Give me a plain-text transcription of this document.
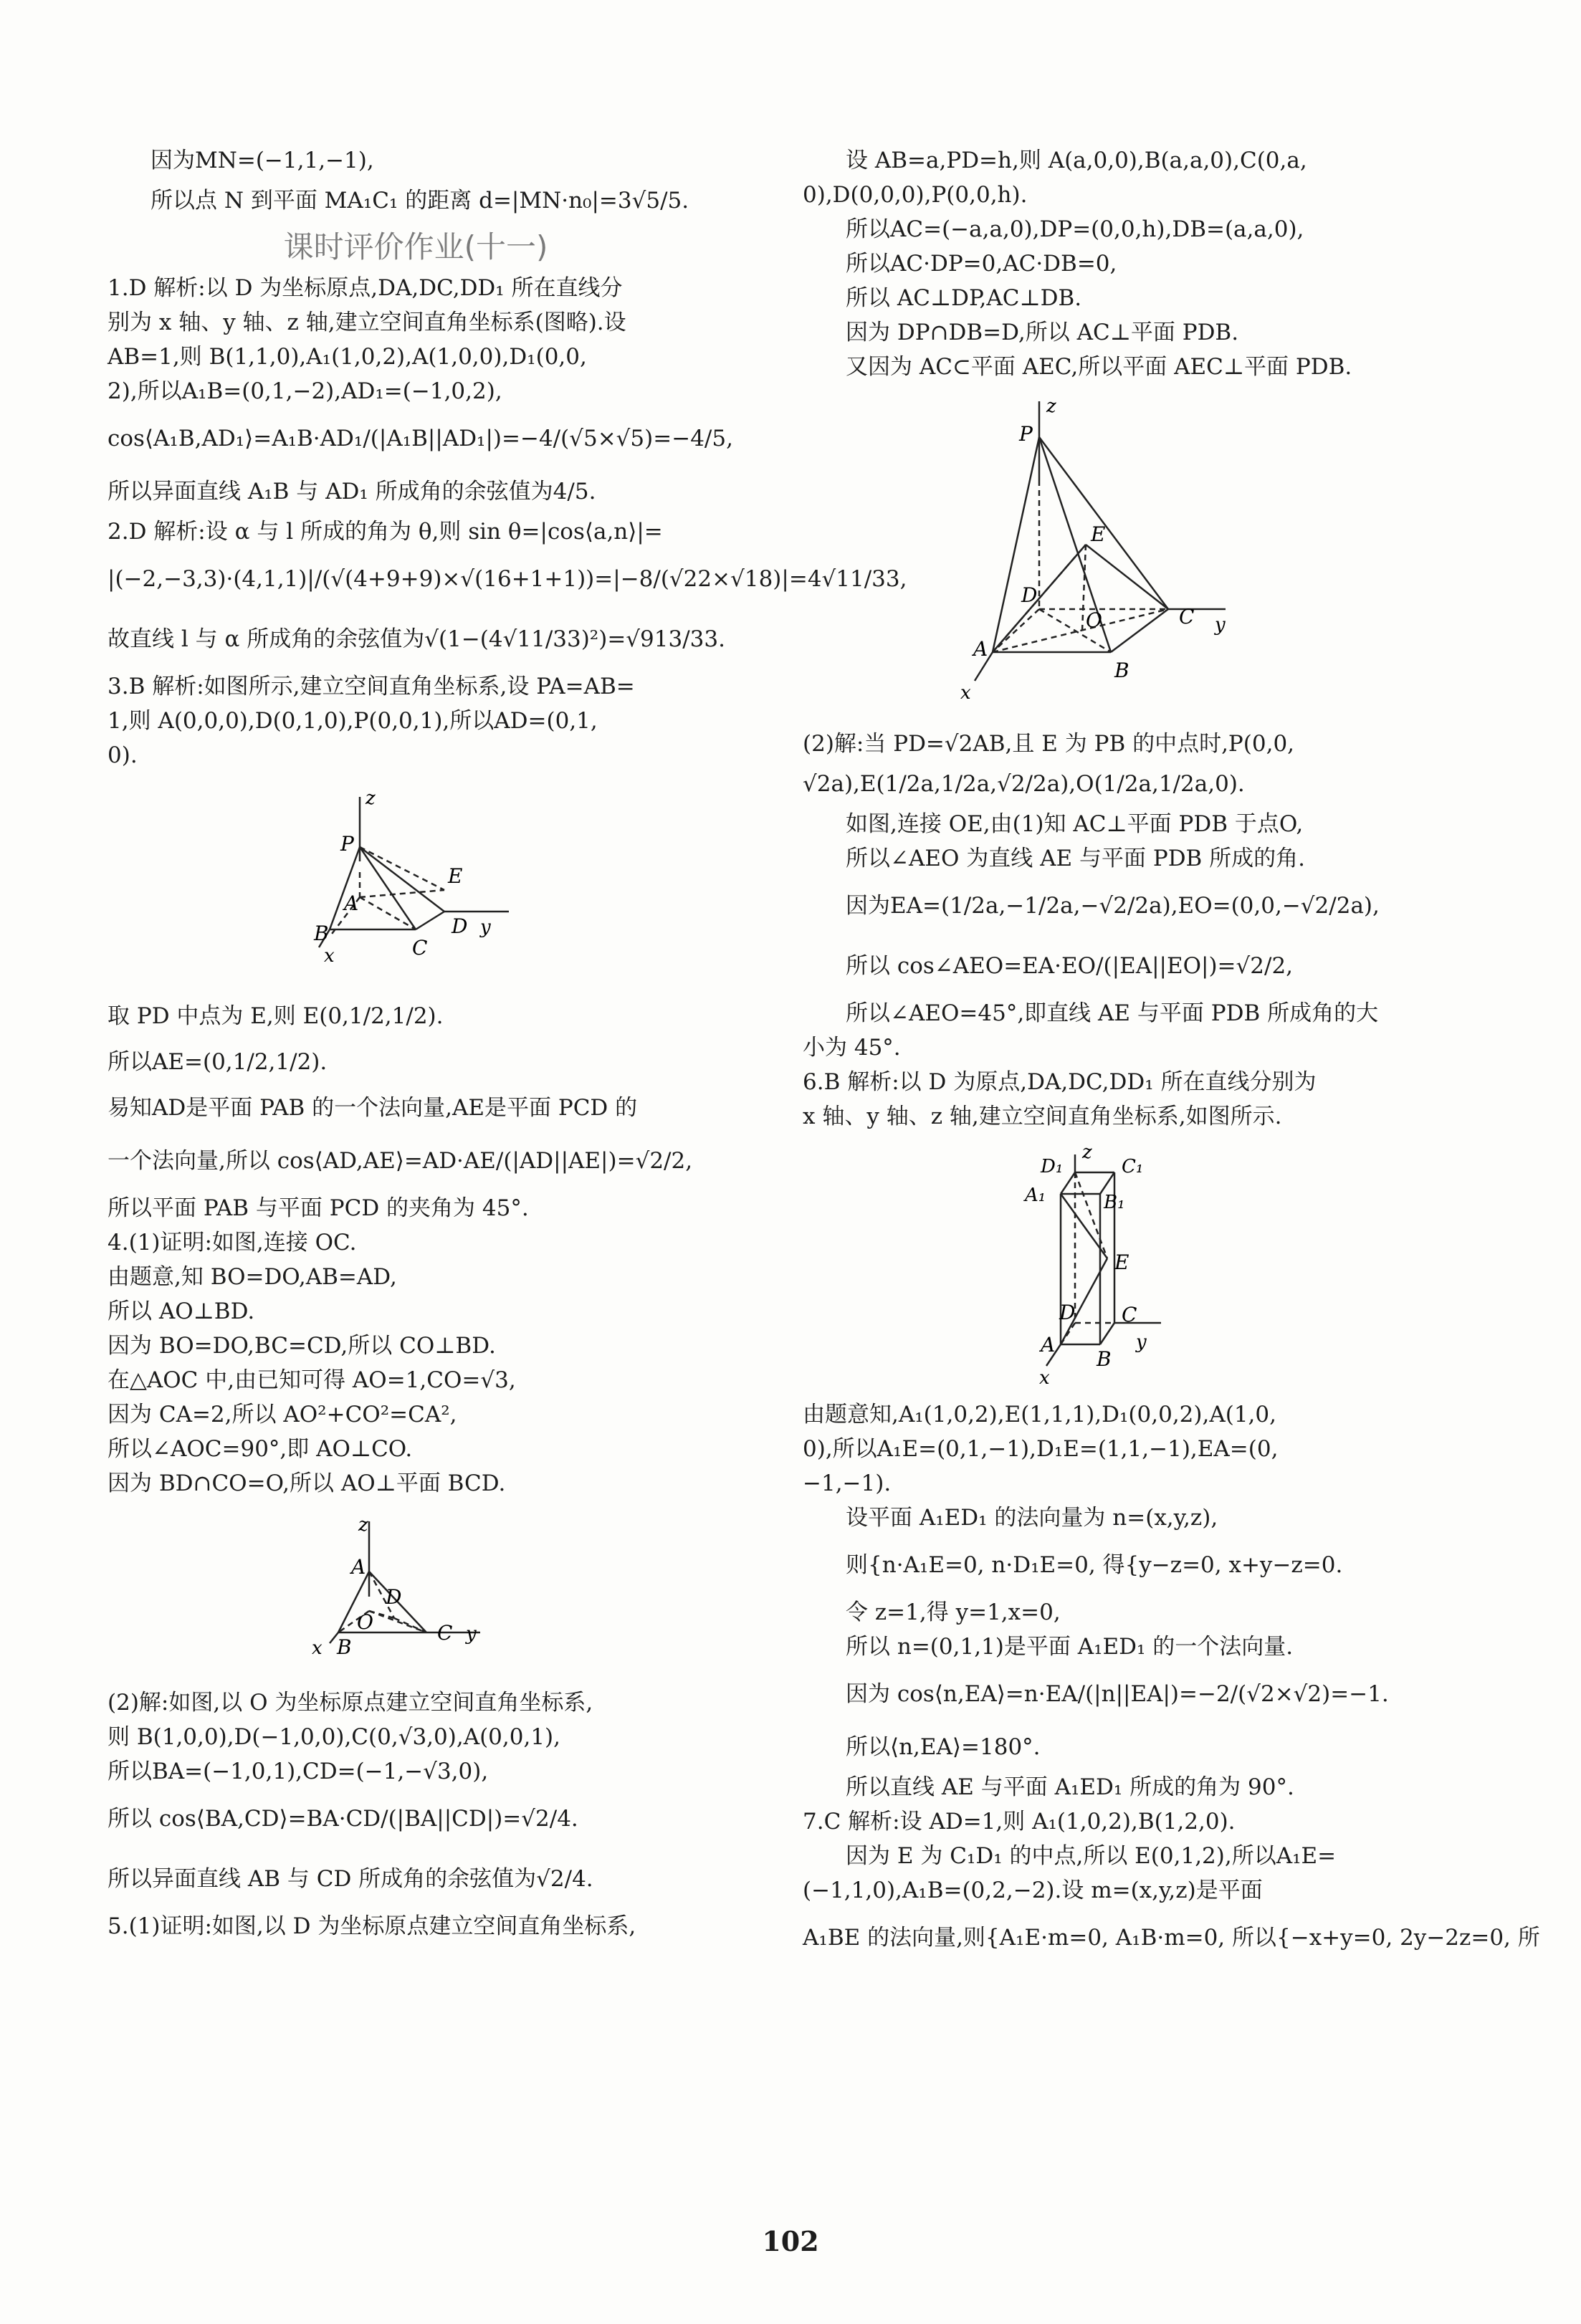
因为MN=(−1,1,−1),

所以点 N 到平面 MA₁C₁ 的距离 d=|MN·n₀|=3√5/5.

课时评价作业(十一)

1.D 解析:以 D 为坐标原点,DA,DC,DD₁ 所在直线分

别为 x 轴、y 轴、z 轴,建立空间直角坐标系(图略).设

AB=1,则 B(1,1,0),A₁(1,0,2),A(1,0,0),D₁(0,0,

2),所以A₁B=(0,1,−2),AD₁=(−1,0,2),

cos⟨A₁B,AD₁⟩=A₁B·AD₁/(|A₁B||AD₁|)=−4/(√5×√5)=−4/5,

所以异面直线 A₁B 与 AD₁ 所成角的余弦值为4/5.

2.D 解析:设 α 与 l 所成的角为 θ,则 sin θ=|cos⟨a,n⟩|=

|(−2,−3,3)·(4,1,1)|/(√(4+9+9)×√(16+1+1))=|−8/(√22×√18)|=4√11/33,

故直线 l 与 α 所成角的余弦值为√(1−(4√11/33)²)=√913/33.

3.B 解析:如图所示,建立空间直角坐标系,设 PA=AB=

1,则 A(0,0,0),D(0,1,0),P(0,0,1),所以AD=(0,1,

0).

z
P
E
A
B
x	C
D y

取 PD 中点为 E,则 E(0,1/2,1/2).

所以AE=(0,1/2,1/2).

易知AD是平面 PAB 的一个法向量,AE是平面 PCD 的

一个法向量,所以 cos⟨AD,AE⟩=AD·AE/(|AD||AE|)=√2/2,

所以平面 PAB 与平面 PCD 的夹角为 45°.

4.(1)证明:如图,连接 OC.

由题意,知 BO=DO,AB=AD,

所以 AO⊥BD.

因为 BO=DO,BC=CD,所以 CO⊥BD.

在△AOC 中,由已知可得 AO=1,CO=√3,

因为 CA=2,所以 AO²+CO²=CA²,

所以∠AOC=90°,即 AO⊥CO.

因为 BD∩CO=O,所以 AO⊥平面 BCD.

z
A
D
O	C y
x B

(2)解:如图,以 O 为坐标原点建立空间直角坐标系,

则 B(1,0,0),D(−1,0,0),C(0,√3,0),A(0,0,1),

所以BA=(−1,0,1),CD=(−1,−√3,0),

所以 cos⟨BA,CD⟩=BA·CD/(|BA||CD|)=√2/4.

所以异面直线 AB 与 CD 所成角的余弦值为√2/4.

5.(1)证明:如图,以 D 为坐标原点建立空间直角坐标系,

设 AB=a,PD=h,则 A(a,0,0),B(a,a,0),C(0,a,

0),D(0,0,0),P(0,0,h).

所以AC=(−a,a,0),DP=(0,0,h),DB=(a,a,0),

所以AC·DP=0,AC·DB=0,

所以 AC⊥DP,AC⊥DB.

因为 DP∩DB=D,所以 AC⊥平面 PDB.

又因为 AC⊂平面 AEC,所以平面 AEC⊥平面 PDB.

z
P
E
D
O	C y
A
B
x

(2)解:当 PD=√2AB,且 E 为 PB 的中点时,P(0,0,

√2a),E(1/2a,1/2a,√2/2a),O(1/2a,1/2a,0).

如图,连接 OE,由(1)知 AC⊥平面 PDB 于点O,

所以∠AEO 为直线 AE 与平面 PDB 所成的角.

因为EA=(1/2a,−1/2a,−√2/2a),EO=(0,0,−√2/2a),

所以 cos∠AEO=EA·EO/(|EA||EO|)=√2/2,

所以∠AEO=45°,即直线 AE 与平面 PDB 所成角的大

小为 45°.

6.B 解析:以 D 为原点,DA,DC,DD₁ 所在直线分别为

x 轴、y 轴、z 轴,建立空间直角坐标系,如图所示.

D₁
z
C₁
A₁	B₁
E
D C
A
B
y
x

由题意知,A₁(1,0,2),E(1,1,1),D₁(0,0,2),A(1,0,

0),所以A₁E=(0,1,−1),D₁E=(1,1,−1),EA=(0,

−1,−1).

设平面 A₁ED₁ 的法向量为 n=(x,y,z),

则{n·A₁E=0, n·D₁E=0, 得{y−z=0, x+y−z=0.

令 z=1,得 y=1,x=0,

所以 n=(0,1,1)是平面 A₁ED₁ 的一个法向量.

因为 cos⟨n,EA⟩=n·EA/(|n||EA|)=−2/(√2×√2)=−1.

所以⟨n,EA⟩=180°.

所以直线 AE 与平面 A₁ED₁ 所成的角为 90°.

7.C 解析:设 AD=1,则 A₁(1,0,2),B(1,2,0).

因为 E 为 C₁D₁ 的中点,所以 E(0,1,2),所以A₁E=

(−1,1,0),A₁B=(0,2,−2).设 m=(x,y,z)是平面

A₁BE 的法向量,则{A₁E·m=0, A₁B·m=0, 所以{−x+y=0, 2y−2z=0, 所

102
